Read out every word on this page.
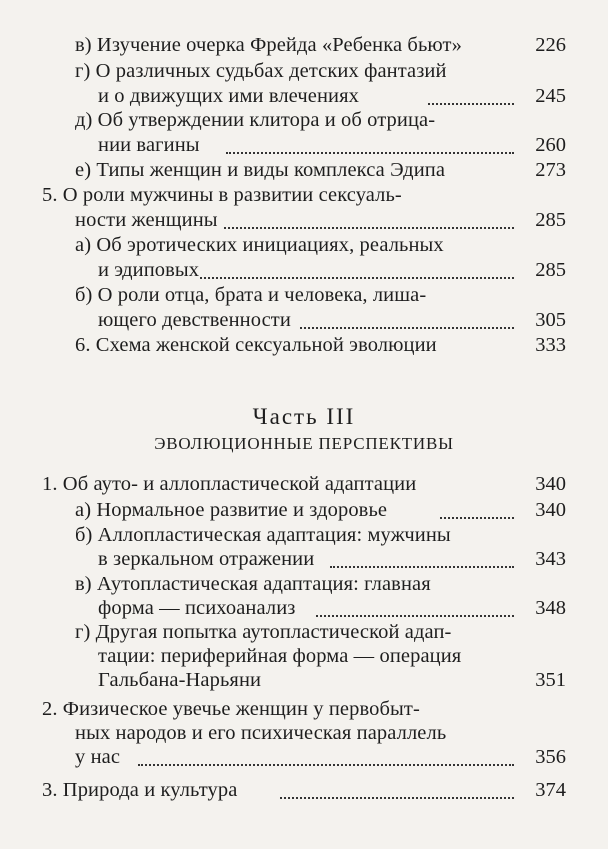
в) Изучение очерка Фрейда «Ребенка бьют»	226
г) О различных судьбах детских фантазий
и о движущих ими влечениях	245
д) Об утверждении клитора и об отрица-
нии вагины	260
е) Типы женщин и виды комплекса Эдипа	273
5. О роли мужчины в развитии сексуаль-
ности женщины	285
а) Об эротических инициациях, реальных
и эдиповых	285
б) О роли отца, брата и человека, лиша-
ющего девственности	305
6. Схема женской сексуальной эволюции	333
Часть III
ЭВОЛЮЦИОННЫЕ ПЕРСПЕКТИВЫ
1. Об ауто- и аллопластической адаптации	340
а) Нормальное развитие и здоровье	340
б) Аллопластическая адаптация: мужчины
в зеркальном отражении	343
в) Аутопластическая адаптация: главная
форма — психоанализ	348
г) Другая попытка аутопластической адап-
тации: периферийная форма — операция
Гальбана-Нарьяни	351
2. Физическое увечье женщин у первобыт-
ных народов и его психическая параллель
у нас	356
3. Природа и культура	374
